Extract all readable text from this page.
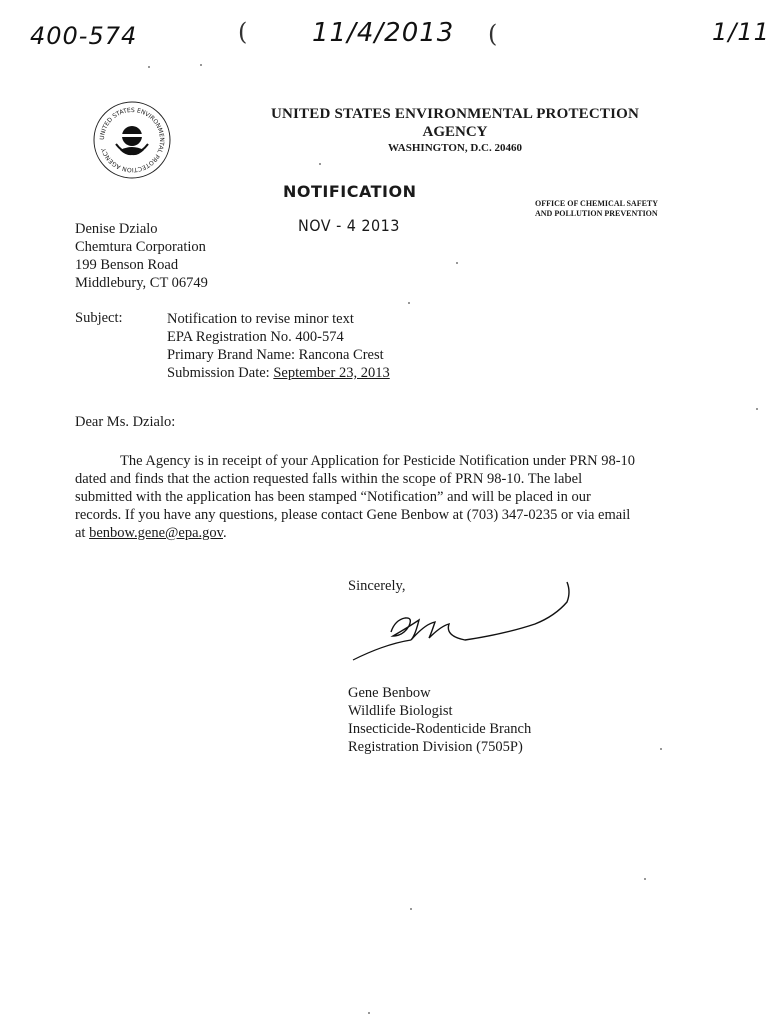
400-574	( 11/4/2013 (	1/11
UNITED STATES ENVIRONMENTAL PROTECTION AGENCY
UNITED STATES ENVIRONMENTAL PROTECTION
AGENCY
WASHINGTON, D.C. 20460
NOTIFICATION
NOV - 4 2013
OFFICE OF CHEMICAL SAFETY
AND POLLUTION PREVENTION
Denise Dzialo
Chemtura Corporation
199 Benson Road
Middlebury, CT 06749
Subject:	Notification to revise minor text
EPA Registration No. 400-574
Primary Brand Name: Rancona Crest
Submission Date: September 23, 2013
Dear Ms. Dzialo:
The Agency is in receipt of your Application for Pesticide Notification under PRN 98-10
dated and finds that the action requested falls within the scope of PRN 98-10. The label
submitted with the application has been stamped “Notification” and will be placed in our
records. If you have any questions, please contact Gene Benbow at (703) 347-0235 or via email
at benbow.gene@epa.gov.
Sincerely,
Gene Benbow
Wildlife Biologist
Insecticide-Rodenticide Branch
Registration Division (7505P)
